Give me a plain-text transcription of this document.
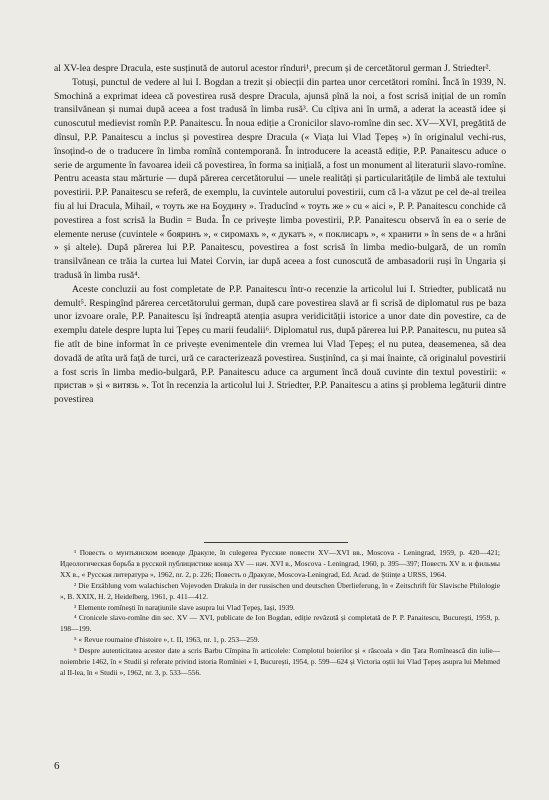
al XV-lea despre Dracula, este susținută de autorul acestor rînduri¹, precum și de cercetătorul german J. Striedter².

Totuși, punctul de vedere al lui I. Bogdan a trezit și obiecții din partea unor cercetători romîni. Încă în 1939, N. Smochină a exprimat ideea că povestirea rusă despre Dracula, ajunsă pînă la noi, a fost scrisă inițial de un romîn transilvănean și numai după aceea a fost tradusă în limba rusă³. Cu cîțiva ani în urmă, a aderat la această idee și cunoscutul medievist romîn P.P. Panaitescu. În noua ediție a Cronicilor slavo-romîne din sec. XV—XVI, pregătită de dînsul, P.P. Panaitescu a inclus și povestirea despre Dracula (« Viața lui Vlad Țepeș ») în originalul vechi-rus, însoțind-o de o traducere în limba romînă contemporană. În introducere la această ediție, P.P. Panaitescu aduce o serie de argumente în favoarea ideii că povestirea, în forma sa inițială, a fost un monument al literaturii slavo-romîne. Pentru aceasta stau mărturie — după părerea cercetătorului — unele realități și particularitățile de limbă ale textului povestirii. P.P. Panaitescu se referă, de exemplu, la cuvintele autorului povestirii, cum că l-a văzut pe cel de-al treilea fiu al lui Dracula, Mihail, « тоуть же на Боудину ». Traducînd « тоуть же » cu « aici », P. P. Panaitescu conchide că povestirea a fost scrisă la Budin = Buda. În ce privește limba povestirii, P.P. Panaitescu observă în ea o serie de elemente neruse (cuvintele « бояринъ », « сиромахъ », « дукатъ », « поклисаръ », « хранити » în sens de « a hrăni » și altele). După părerea lui P.P. Panaitescu, povestirea a fost scrisă în limba medio-bulgară, de un romîn transilvănean ce trăia la curtea lui Matei Corvin, iar după aceea a fost cunoscută de ambasadorii ruși în Ungaria și tradusă în limba rusă⁴.

Aceste concluzii au fost completate de P.P. Panaitescu într-o recenzie la articolul lui I. Striedter, publicată nu demult⁵. Respingînd părerea cercetătorului german, după care povestirea slavă ar fi scrisă de diplomatul rus pe baza unor izvoare orale, P.P. Panaitescu își îndreaptă atenția asupra veridicității istorice a unor date din povestire, ca de exemplu datele despre lupta lui Țepeș cu marii feudalii⁶. Diplomatul rus, după părerea lui P.P. Panaitescu, nu putea să fie atît de bine informat în ce privește evenimentele din vremea lui Vlad Țepeș; el nu putea, deasemenea, să dea dovadă de atîta ură față de turci, ură ce caracterizează povestirea. Susținînd, ca și mai înainte, că originalul povestirii a fost scris în limba medio-bulgară, P.P. Panaitescu aduce ca argument încă două cuvinte din textul povestirii: « пристав » și « витязь ». Tot în recenzia la articolul lui J. Striedter, P.P. Panaitescu a atins și problema legăturii dintre povestirea

¹ Повесть о мунтьянском воеводе Дракуле, în culegerea Русские повести XV—XVI вв., Moscova - Leningrad, 1959, p. 420—421; Идеологическая борьба в русской публицистике конца XV — нач. XVI в., Moscova - Leningrad, 1960, p. 395—397; Повесть XV в. и фильмы XX в., « Русская литература », 1962, nr. 2, p. 226; Повесть о Дракуле, Moscova-Leningrad, Ed. Acad. de Științe a URSS, 1964.

² Die Erzählung vom walachischen Vojevoden Drakula in der russischen und deutschen Überlieferung, în « Zeitschrift für Slavische Philologie », B. XXIX, H. 2, Heidelberg, 1961, p. 411—412.

³ Elemente romînești în narațiunile slave asupra lui Vlad Țepeș, Iași, 1939.

⁴ Cronicele slavo-romîne din sec. XV — XVI, publicate de Ion Bogdan, ediție revăzută și completată de P. P. Panaitescu, București, 1959, p. 198—199.

⁵ « Revue roumaine d'histoire », t. II, 1963, nr. 1, p. 253—259.

⁶ Despre autenticitatea acestor date a scris Barbu Cîmpina în articolele: Complotul boierilor și « răscoala » din Țara Romînească din iulie—noiembrie 1462, în « Studii și referate privind istoria Romîniei » I, București, 1954, p. 599—624 și Victoria oștii lui Vlad Țepeș asupra lui Mehmed al II-lea, în « Studii », 1962, nr. 3, p. 533—556.

6
